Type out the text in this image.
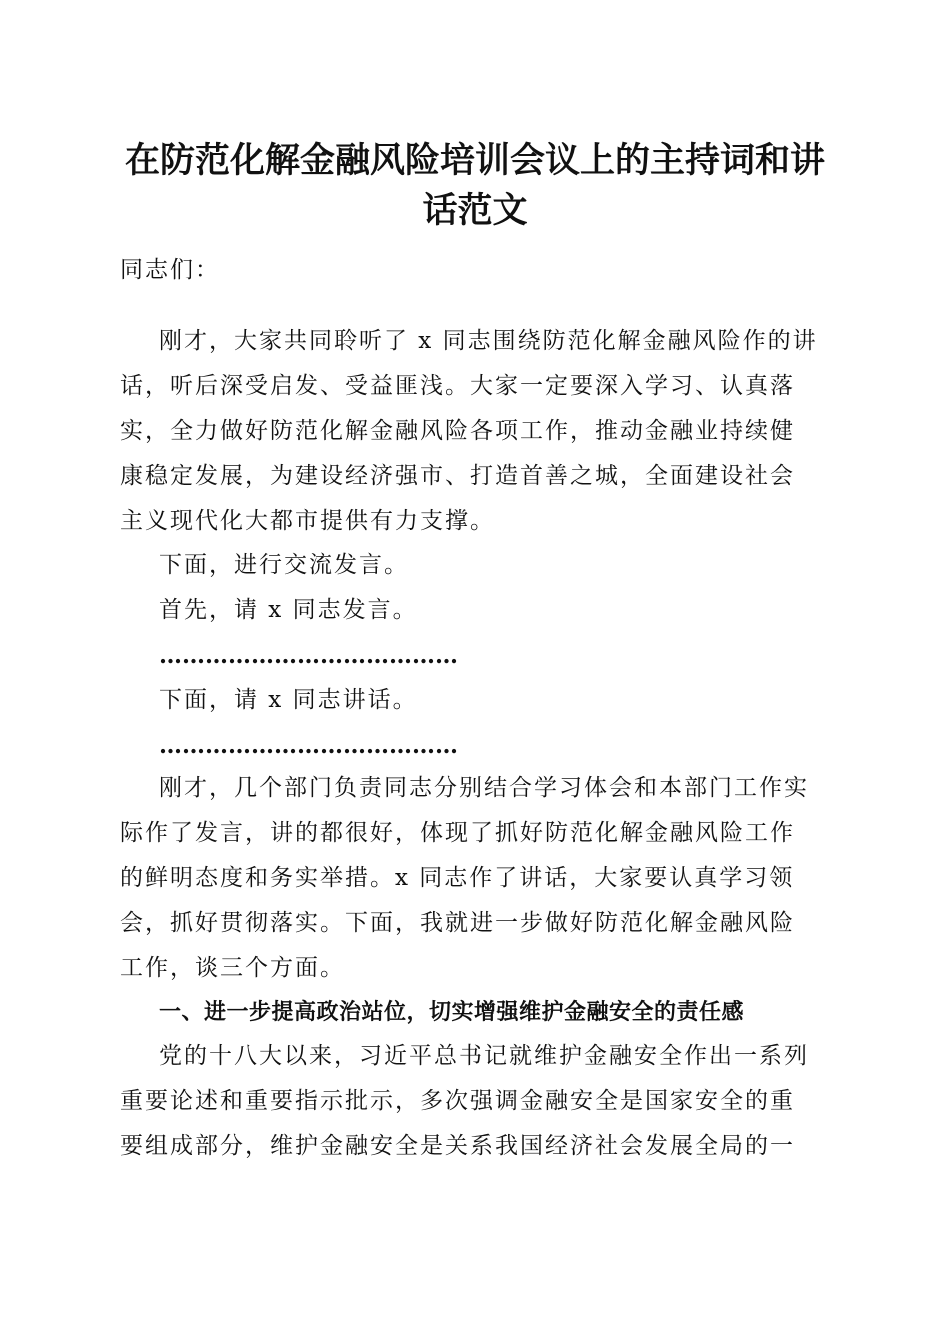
在防范化解金融风险培训会议上的主持词和讲
话范文
同志们：
刚才，大家共同聆听了 x 同志围绕防范化解金融风险作的讲
话，听后深受启发、受益匪浅。大家一定要深入学习、认真落
实，全力做好防范化解金融风险各项工作，推动金融业持续健
康稳定发展，为建设经济强市、打造首善之城，全面建设社会
主义现代化大都市提供有力支撑。
下面，进行交流发言。
首先，请 x 同志发言。
…………………………………
下面，请 x 同志讲话。
…………………………………
刚才，几个部门负责同志分别结合学习体会和本部门工作实
际作了发言，讲的都很好，体现了抓好防范化解金融风险工作
的鲜明态度和务实举措。x 同志作了讲话，大家要认真学习领
会，抓好贯彻落实。下面，我就进一步做好防范化解金融风险
工作，谈三个方面。
一、进一步提高政治站位，切实增强维护金融安全的责任感
党的十八大以来，习近平总书记就维护金融安全作出一系列
重要论述和重要指示批示，多次强调金融安全是国家安全的重
要组成部分，维护金融安全是关系我国经济社会发展全局的一
